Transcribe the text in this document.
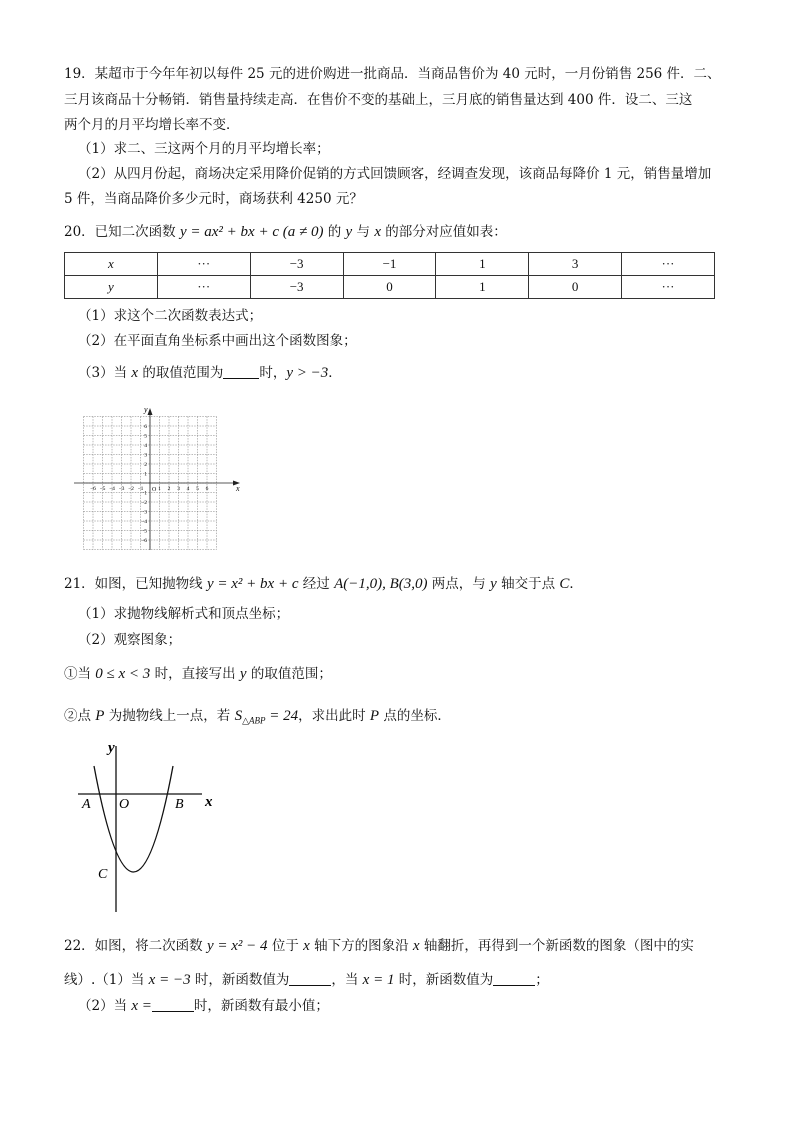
19．某超市于今年年初以每件 25 元的进价购进一批商品．当商品售价为 40 元时，一月份销售 256 件．二、
三月该商品十分畅销．销售量持续走高．在售价不变的基础上，三月底的销售量达到 400 件．设二、三这
两个月的月平均增长率不变．
（1）求二、三这两个月的月平均增长率；
（2）从四月份起，商场决定采用降价促销的方式回馈顾客，经调查发现，该商品每降价 1 元，销售量增加
5 件，当商品降价多少元时，商场获利 4250 元？
20．已知二次函数 y = ax² + bx + c (a ≠ 0) 的 y 与 x 的部分对应值如表：
x	···	−3	−1	1	3	···
y	···	−3	0	1	0	···
（1）求这个二次函数表达式；
（2）在平面直角坐标系中画出这个函数图象；
（3）当 x 的取值范围为	时，y > −3．
x
y
O
−6 −5 −4 −3 −2 −1	1 2 3 4 5 6
6
5
4
3
2
1
−1
−2
−3
−4
−5
−6
21．如图，已知抛物线 y = x² + bx + c 经过 A(−1,0), B(3,0) 两点，与 y 轴交于点 C．
（1）求抛物线解析式和顶点坐标；
（2）观察图象；
①当 0 ≤ x < 3 时，直接写出 y 的取值范围；
②点 P 为抛物线上一点，若 $S_{\triangle ABP} = 24$，求出此时 P 点的坐标．
y
x
A O	B
C
22．如图，将二次函数 y = x² − 4 位于 x 轴下方的图象沿 x 轴翻折，再得到一个新函数的图象（图中的实
线）.（1）当 x = −3 时，新函数值为	，当 x = 1 时，新函数值为	；
（2）当 x =	时，新函数有最小值；
